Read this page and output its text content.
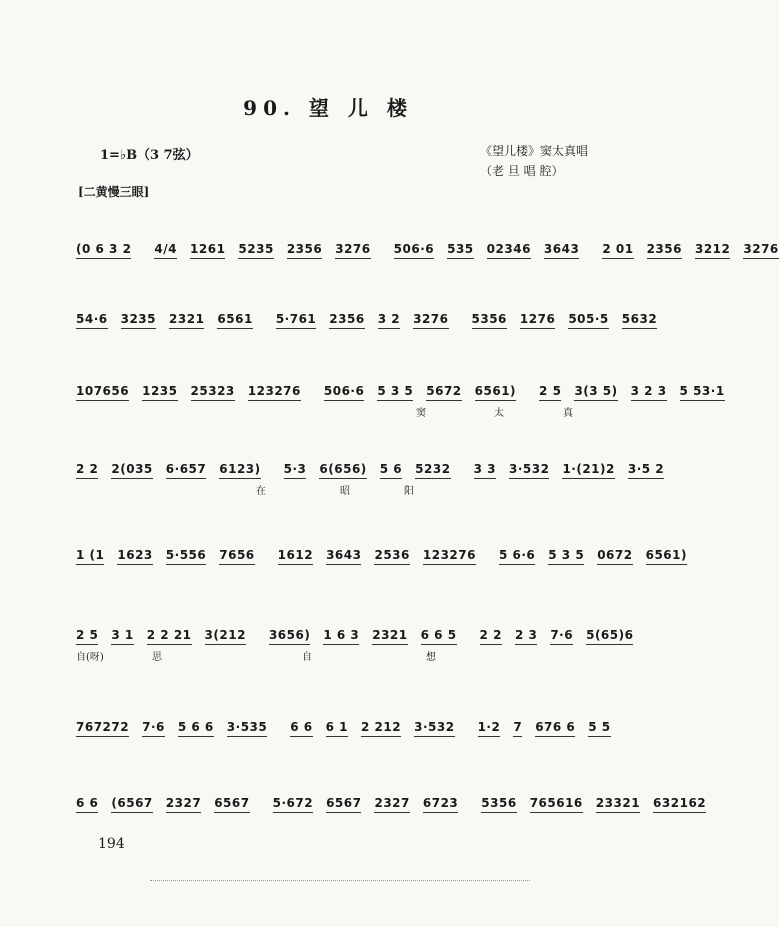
90. 望 儿 楼
1=♭B（3 7弦）	《望儿楼》窦太真唱
（老 旦 唱 腔）
[二黄慢三眼]
(0 6 3 2 4/4 1261 5235 2356 3276 506·6 535 02346 3643 2 01 2356 3212 3276
54·6 3235 2321 6561 5·761 2356 3 2 3276 5356 1276 505·5 5632
107656 1235 25323 123276 506·6 5 3 5 5672 6561) 2 5 3(3 5) 3 2 3 5 53·1
2 2 2(035 6·657 6123) 5·3 6(656) 5 6 5232 3 3 3·532 1·(21)2 3·5 2
1 (1 1623 5·556 7656 1612 3643 2536 123276 5 6·6 5 3 5 0672 6561)
2 5 3 1 2 2 21 3(212 3656) 1 6 3 2321 6 6 5 2 2 2 3 7·6 5(65)6
767272 7·6 5 6 6 3·535 6 6 6 1 2 212 3·532 1·2 7 676 6 5 5
6 6 (6567 2327 6567 5·672 6567 2327 6723 5356 765616 23321 632162
窦	太	真
在	昭	阳
自(呀)	思	自	想
194
